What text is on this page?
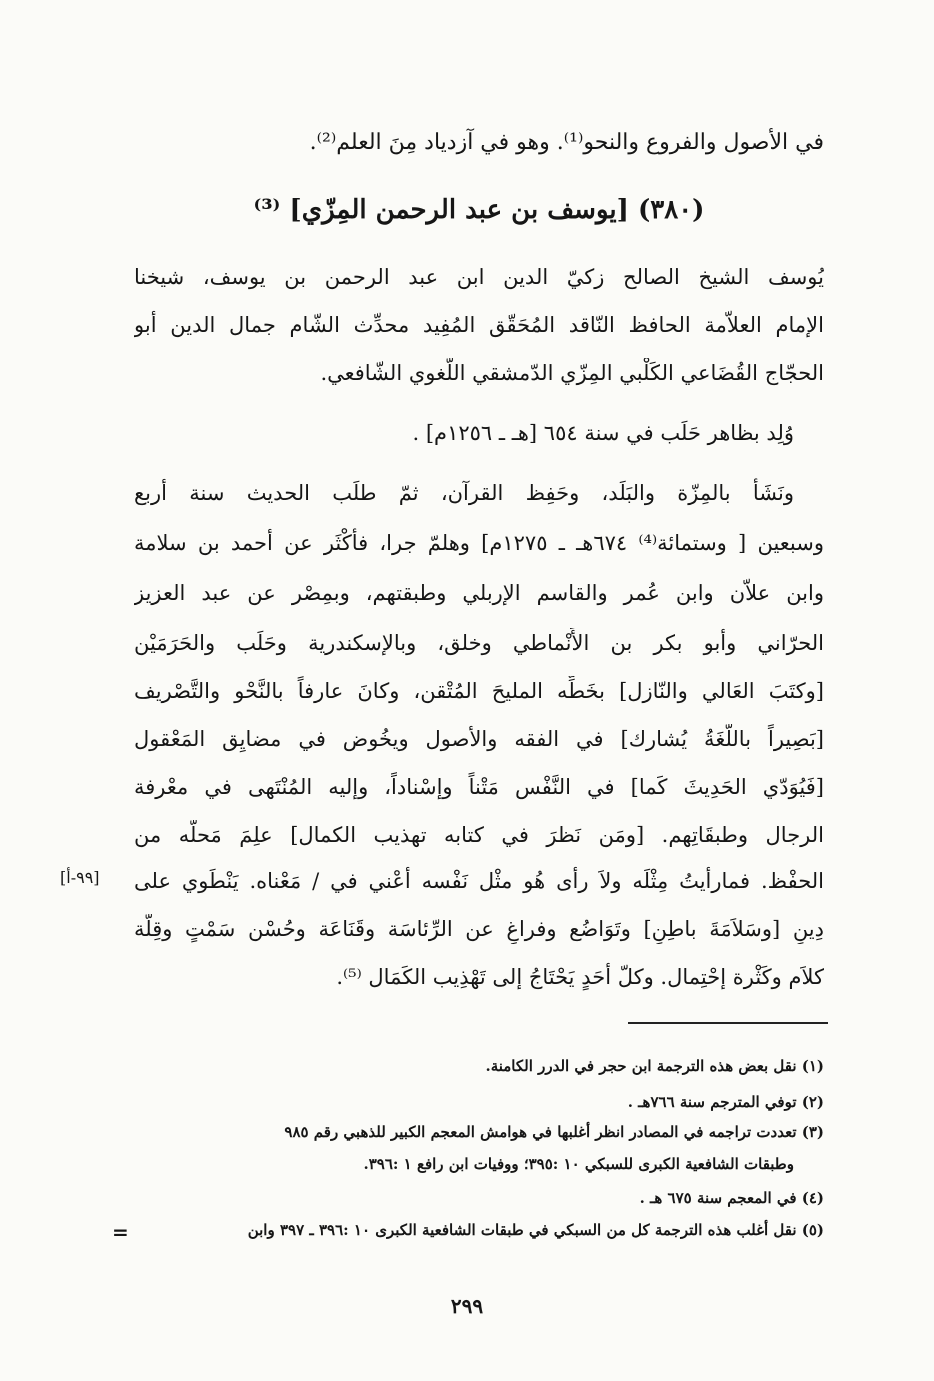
في الأصول والفروع والنحو⁽¹⁾. وهو في آزدياد مِنَ العلم⁽²⁾.
(٣٨٠) [يوسف بن عبد الرحمن المِزّي] ⁽³⁾
يُوسف الشيخ الصالح زكيّ الدين ابن عبد الرحمن بن يوسف، شيخنا
الإمام العلاّمة الحافظ النّاقد المُحَقّق المُفِيد محدِّث الشّام جمال الدين أبو
الحجّاج القُضَاعي الكَلْبي المِزّي الدّمشقي اللُّغوي الشّافعي.
وُلِد بظاهر حَلَب في سنة ٦٥٤ [هـ ـ ١٢٥٦م] .
ونَشَأ بالمِزّة والبَلَد، وحَفِظ القرآن، ثمّ طلَب الحديث سنة أربع
وسبعين [ وستمائة⁽⁴⁾ ٦٧٤هـ ـ ١٢٧٥م] وهلمّ جرا، فأَكْثَر عن أحمد بن سلامة
وابن علاّن وابن عُمر والقاسم الإربلي وطبقتهم، وبمِصْر عن عبد العزيز
الحرّاني وأبو بكر بن الأَنْماطي وخلق، وبالإسكندرية وحَلَب والحَرَمَيْن
[وكتَبَ العَالي والنّازل] بخَطِّه المليحَ المُتْقن، وكانَ عارفاً بالنَّحْو والتَّصْريف
[بَصِيراً باللُّغَةُ يُشارك] في الفقه والأصول ويخُوض في مضايِق المَعْقول
[فَيُوَدّي الحَدِيثَ كَما] في النَّفْس مَتْناً وإسْناداً، وإليه المُنْتَهى في معْرفة
الرجال وطبقَاتِهم. [ومَن نَظرَ في كتابه تهذيب الكمال] علِمَ مَحلَّه من
الحفْظ. فمارأيتُ مِثْلَه ولاَ رأى هُو مثْل نَفْسه أعْني في / مَعْناه. يَنْطَوي على
دِينٍ [وسَلاَمَةَ باطِنٍ] وتَوَاضُع وفراغٍ عن الرِّئاسَة وقَنَاعَة وحُسْن سَمْتٍ وقِلّة
كلاَم وكَثْرة إحْتِمال. وكلّ أحَدٍ يَحْتَاجُ إلى تَهْذِيب الكَمَال ⁽⁵⁾.
[٩٩-أ]
(١) نقل بعض هذه الترجمة ابن حجر في الدرر الكامنة.
(٢) توفي المترجم سنة ٧٦٦هـ .
(٣) تعددت تراجمه في المصادر انظر أغلبها في هوامش المعجم الكبير للذهبي رقم ٩٨٥
وطبقات الشافعية الكبرى للسبكي ١٠ :٣٩٥؛ ووفيات ابن رافع ١ :٣٩٦.
(٤) في المعجم سنة ٦٧٥ هـ .
(٥) نقل أغلب هذه الترجمة كل من السبكي في طبقات الشافعية الكبرى ١٠ :٣٩٦ ـ ٣٩٧ وابن
=
٢٩٩
